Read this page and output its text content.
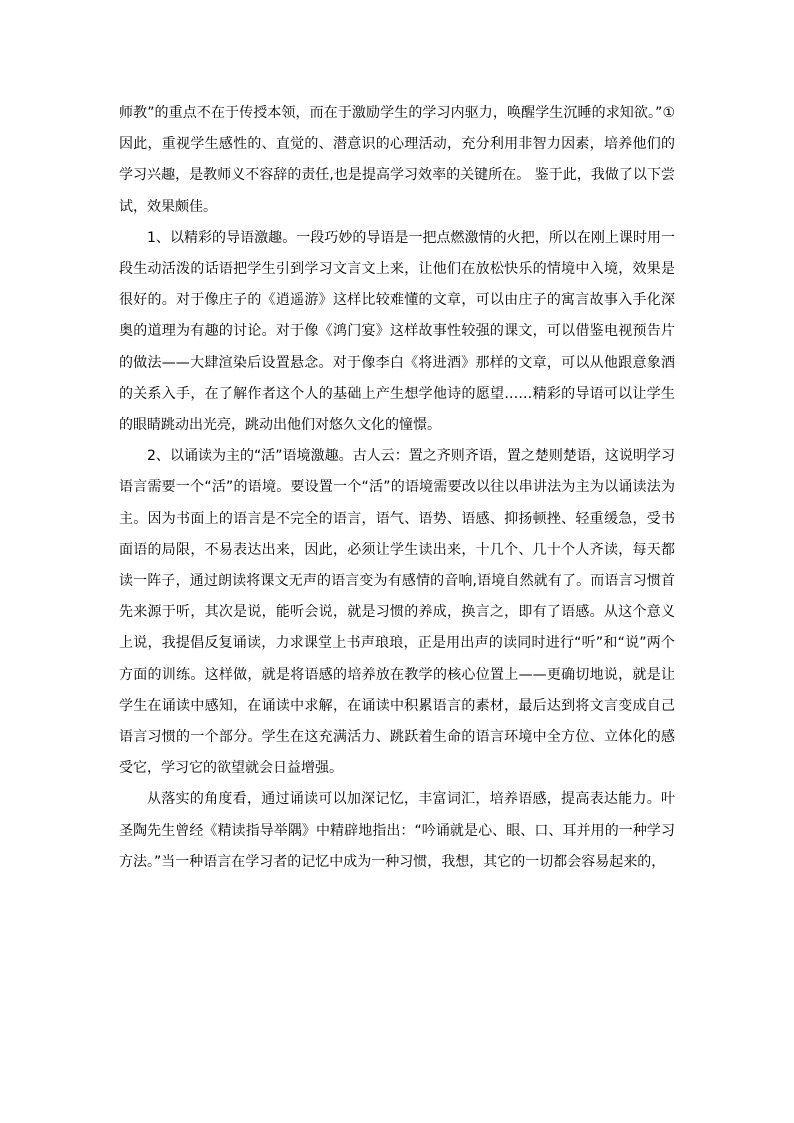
师教”的重点不在于传授本领，而在于激励学生的学习内驱力，唤醒学生沉睡的求知欲。”①因此，重视学生感性的、直觉的、潜意识的心理活动，充分利用非智力因素，培养他们的学习兴趣，是教师义不容辞的责任,也是提高学习效率的关键所在。 鉴于此，我做了以下尝试，效果颇佳。

1、以精彩的导语激趣。一段巧妙的导语是一把点燃激情的火把，所以在刚上课时用一段生动活泼的话语把学生引到学习文言文上来，让他们在放松快乐的情境中入境，效果是很好的。对于像庄子的《逍遥游》这样比较难懂的文章，可以由庄子的寓言故事入手化深奥的道理为有趣的讨论。对于像《鸿门宴》这样故事性较强的课文，可以借鉴电视预告片的做法——大肆渲染后设置悬念。对于像李白《将进酒》那样的文章，可以从他跟意象酒的关系入手，在了解作者这个人的基础上产生想学他诗的愿望……精彩的导语可以让学生的眼睛跳动出光亮，跳动出他们对悠久文化的憧憬。

2、以诵读为主的“活”语境激趣。古人云：置之齐则齐语，置之楚则楚语，这说明学习语言需要一个“活”的语境。要设置一个“活”的语境需要改以往以串讲法为主为以诵读法为主。因为书面上的语言是不完全的语言，语气、语势、语感、抑扬顿挫、轻重缓急，受书面语的局限，不易表达出来，因此，必须让学生读出来，十几个、几十个人齐读，每天都读一阵子，通过朗读将课文无声的语言变为有感情的音响,语境自然就有了。而语言习惯首先来源于听，其次是说，能听会说，就是习惯的养成，换言之，即有了语感。从这个意义上说，我提倡反复诵读，力求课堂上书声琅琅，正是用出声的读同时进行“听”和“说”两个方面的训练。这样做，就是将语感的培养放在教学的核心位置上——更确切地说，就是让学生在诵读中感知，在诵读中求解，在诵读中积累语言的素材，最后达到将文言变成自己语言习惯的一个部分。学生在这充满活力、跳跃着生命的语言环境中全方位、立体化的感受它，学习它的欲望就会日益增强。

从落实的角度看，通过诵读可以加深记忆，丰富词汇，培养语感，提高表达能力。叶圣陶先生曾经《精读指导举隅》中精辟地指出：“吟诵就是心、眼、口、耳并用的一种学习方法。”当一种语言在学习者的记忆中成为一种习惯，我想，其它的一切都会容易起来的，
